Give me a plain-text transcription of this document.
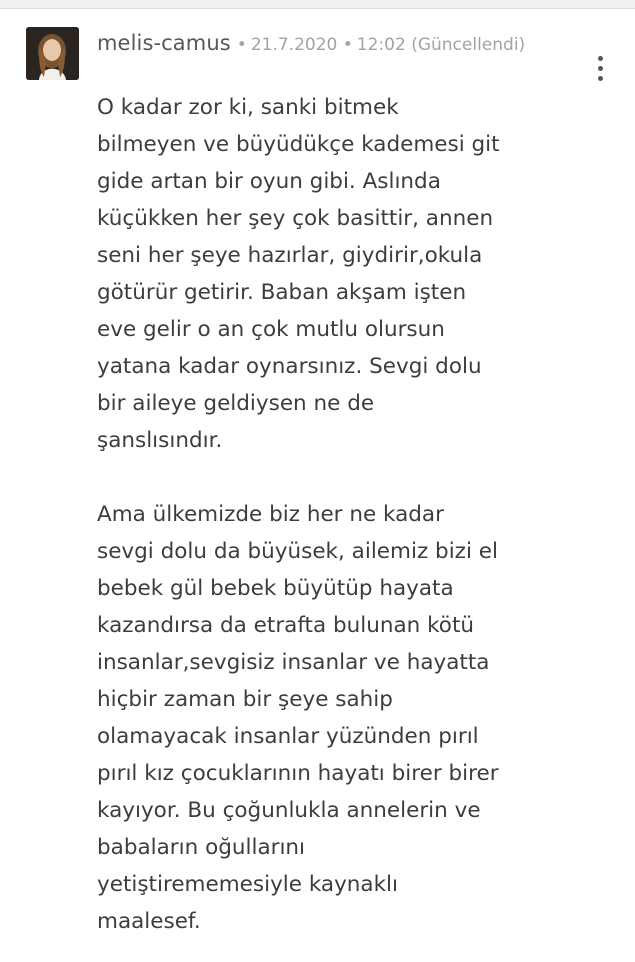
melis-camus • 21.7.2020 • 12:02 (Güncellendi)

O kadar zor ki, sanki bitmek
bilmeyen ve büyüdükçe kademesi git
gide artan bir oyun gibi. Aslında
küçükken her şey çok basittir, annen
seni her şeye hazırlar, giydirir,okula
götürür getirir. Baban akşam işten
eve gelir o an çok mutlu olursun
yatana kadar oynarsınız. Sevgi dolu
bir aileye geldiysen ne de
şanslısındır.

Ama ülkemizde biz her ne kadar
sevgi dolu da büyüsek, ailemiz bizi el
bebek gül bebek büyütüp hayata
kazandırsa da etrafta bulunan kötü
insanlar,sevgisiz insanlar ve hayatta
hiçbir zaman bir şeye sahip
olamayacak insanlar yüzünden pırıl
pırıl kız çocuklarının hayatı birer birer
kayıyor. Bu çoğunlukla annelerin ve
babaların oğullarını
yetiştirememesiyle kaynaklı
maalesef.
